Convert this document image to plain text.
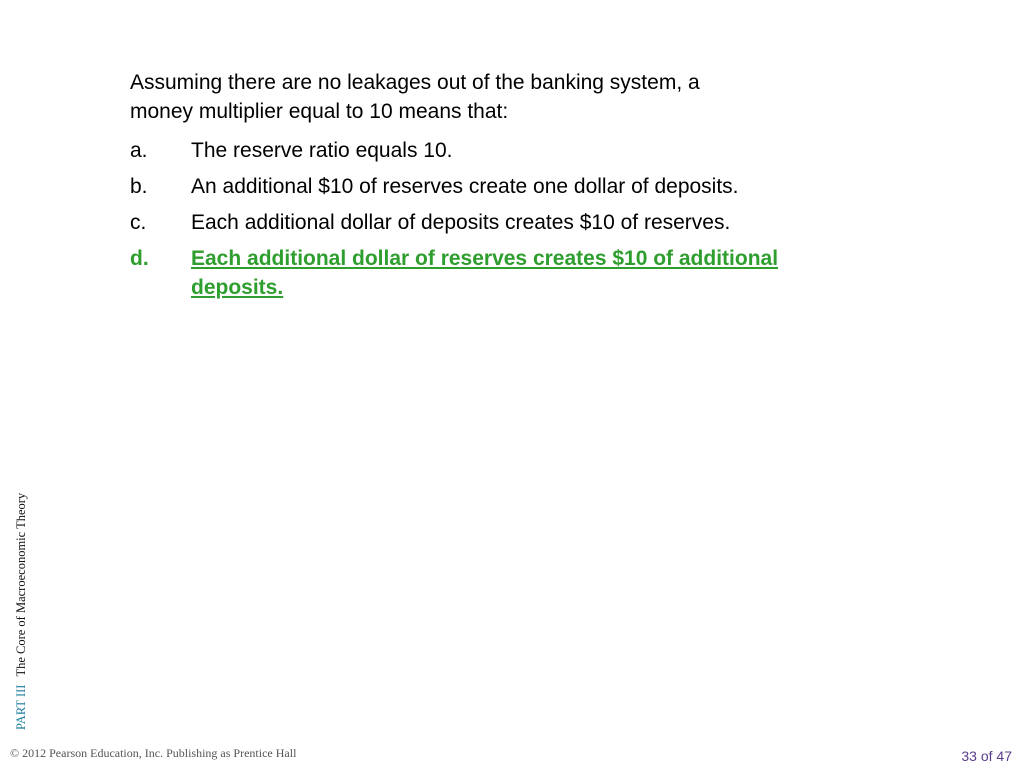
Assuming there are no leakages out of the banking system, a
money multiplier equal to 10 means that:
a.	The reserve ratio equals 10.
b.	An additional $10 of reserves create one dollar of deposits.
c.	Each additional dollar of deposits creates $10 of reserves.
d.	Each additional dollar of reserves creates $10 of additional deposits.
PART IIIThe Core of Macroeconomic Theory
© 2012 Pearson Education, Inc. Publishing as Prentice Hall	33 of 47
